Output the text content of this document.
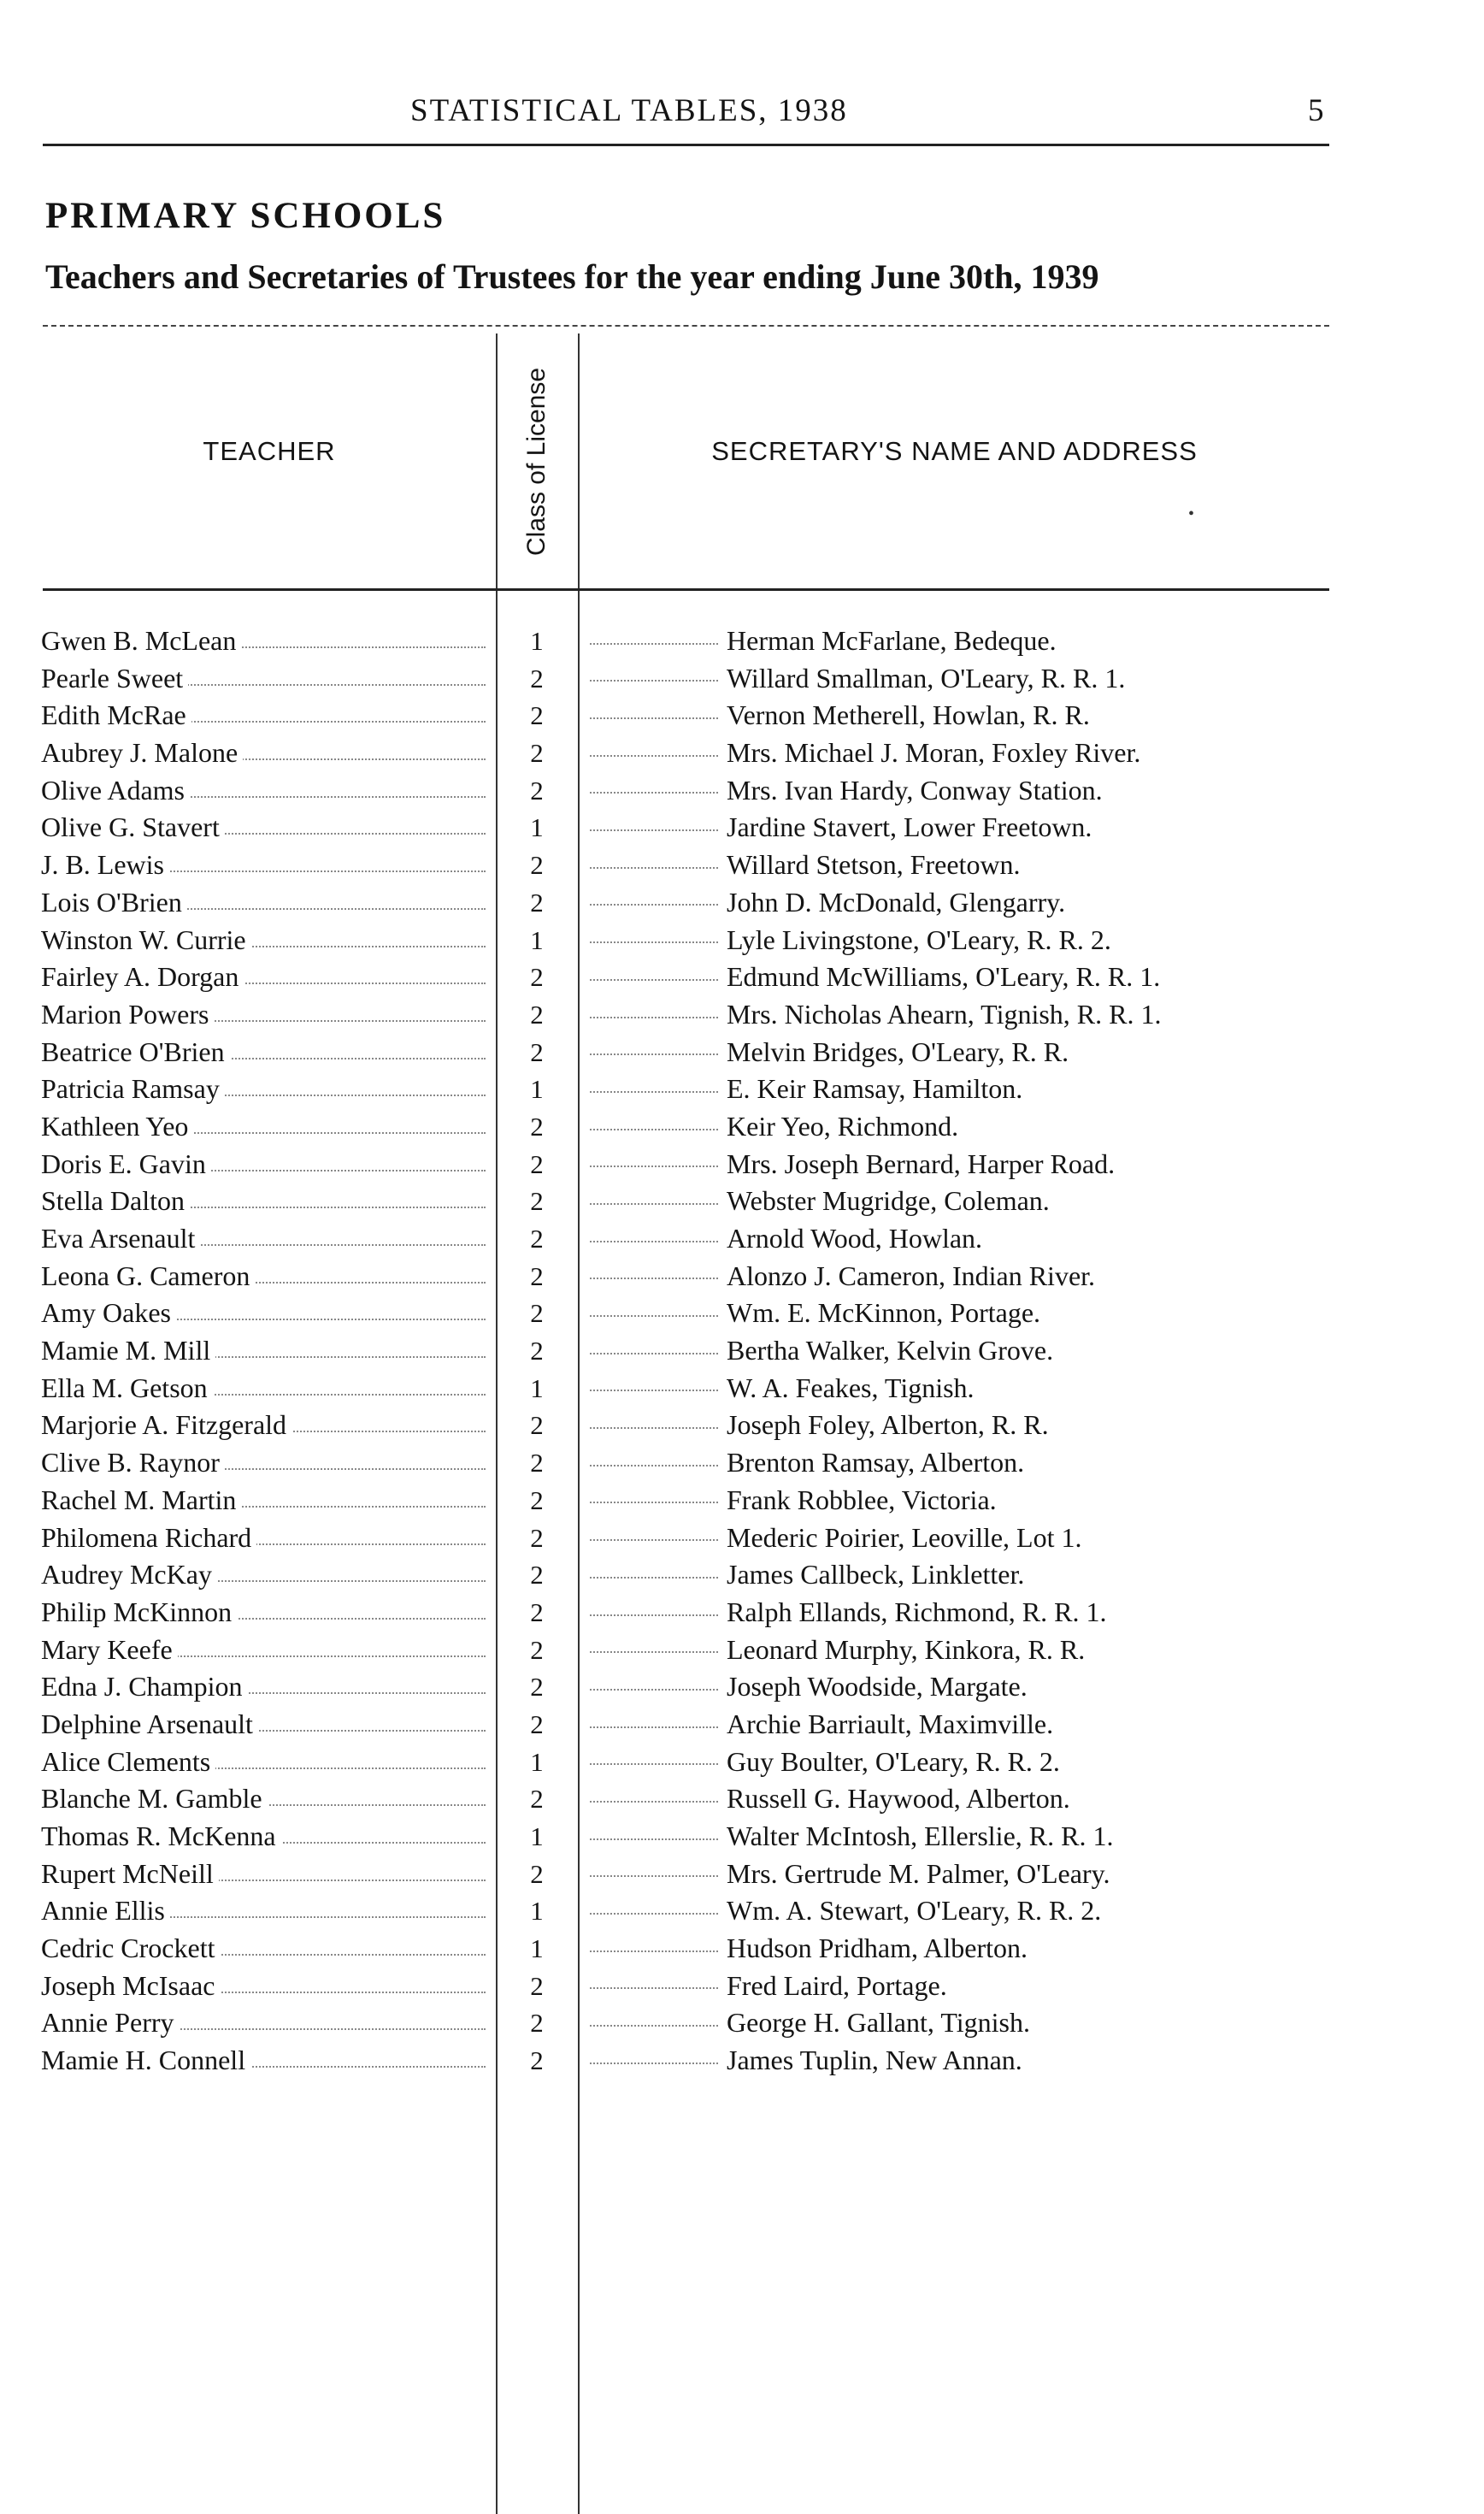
STATISTICAL TABLES, 1938	5
PRIMARY SCHOOLS
Teachers and Secretaries of Trustees for the year ending June 30th, 1939
TEACHER	Class of License	SECRETARY'S NAME AND ADDRESS
•
Gwen B. McLean	1	Herman McFarlane, Bedeque.
Pearle Sweet	2	Willard Smallman, O'Leary, R. R. 1.
Edith McRae	2	Vernon Metherell, Howlan, R. R.
Aubrey J. Malone	2	Mrs. Michael J. Moran, Foxley River.
Olive Adams	2	Mrs. Ivan Hardy, Conway Station.
Olive G. Stavert	1	Jardine Stavert, Lower Freetown.
J. B. Lewis	2	Willard Stetson, Freetown.
Lois O'Brien	2	John D. McDonald, Glengarry.
Winston W. Currie	1	Lyle Livingstone, O'Leary, R. R. 2.
Fairley A. Dorgan	2	Edmund McWilliams, O'Leary, R. R. 1.
Marion Powers	2	Mrs. Nicholas Ahearn, Tignish, R. R. 1.
Beatrice O'Brien	2	Melvin Bridges, O'Leary, R. R.
Patricia Ramsay	1	E. Keir Ramsay, Hamilton.
Kathleen Yeo	2	Keir Yeo, Richmond.
Doris E. Gavin	2	Mrs. Joseph Bernard, Harper Road.
Stella Dalton	2	Webster Mugridge, Coleman.
Eva Arsenault	2	Arnold Wood, Howlan.
Leona G. Cameron	2	Alonzo J. Cameron, Indian River.
Amy Oakes	2	Wm. E. McKinnon, Portage.
Mamie M. Mill	2	Bertha Walker, Kelvin Grove.
Ella M. Getson	1	W. A. Feakes, Tignish.
Marjorie A. Fitzgerald	2	Joseph Foley, Alberton, R. R.
Clive B. Raynor	2	Brenton Ramsay, Alberton.
Rachel M. Martin	2	Frank Robblee, Victoria.
Philomena Richard	2	Mederic Poirier, Leoville, Lot 1.
Audrey McKay	2	James Callbeck, Linkletter.
Philip McKinnon	2	Ralph Ellands, Richmond, R. R. 1.
Mary Keefe	2	Leonard Murphy, Kinkora, R. R.
Edna J. Champion	2	Joseph Woodside, Margate.
Delphine Arsenault	2	Archie Barriault, Maximville.
Alice Clements	1	Guy Boulter, O'Leary, R. R. 2.
Blanche M. Gamble	2	Russell G. Haywood, Alberton.
Thomas R. McKenna	1	Walter McIntosh, Ellerslie, R. R. 1.
Rupert McNeill	2	Mrs. Gertrude M. Palmer, O'Leary.
Annie Ellis	1	Wm. A. Stewart, O'Leary, R. R. 2.
Cedric Crockett	1	Hudson Pridham, Alberton.
Joseph McIsaac	2	Fred Laird, Portage.
Annie Perry	2	George H. Gallant, Tignish.
Mamie H. Connell	2	James Tuplin, New Annan.
